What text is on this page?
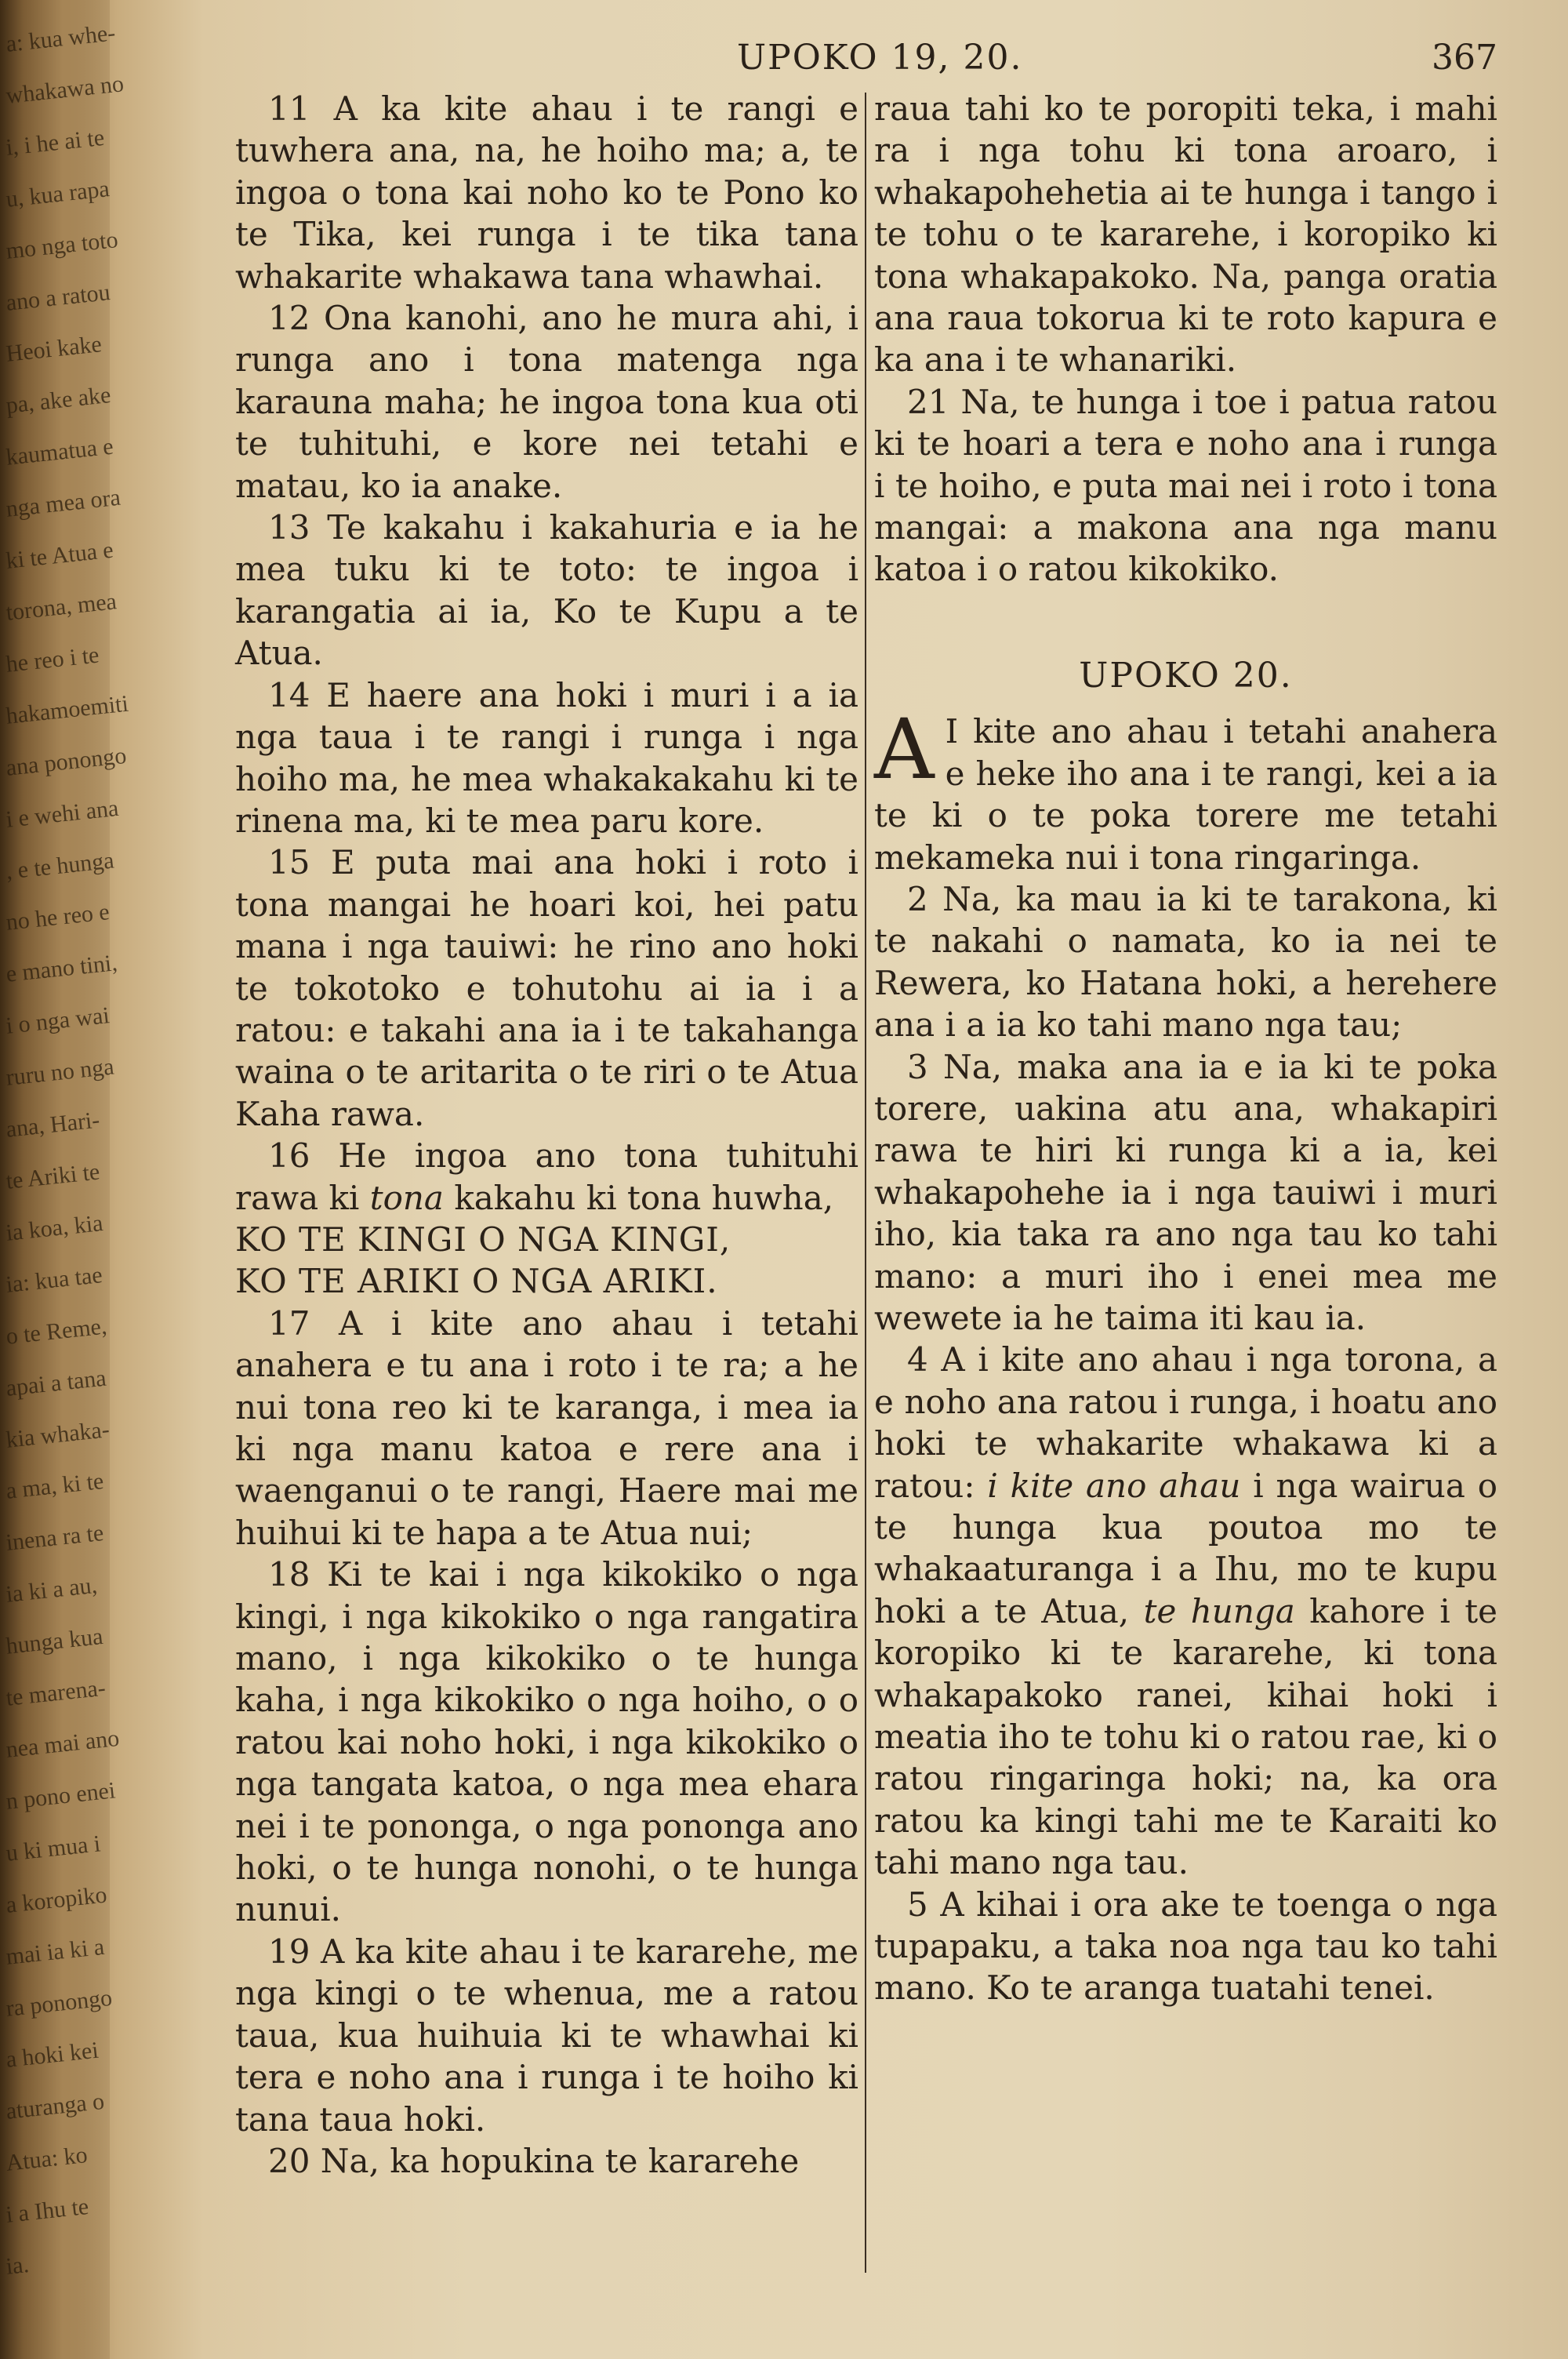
a: kua whe-
whakawa no
i, i he ai te
u, kua rapa
mo nga toto
ano a ratou
Heoi kake
pa, ake ake
kaumatua e
nga mea ora
ki te Atua e
torona, mea
he reo i te
hakamoemiti
ana ponongo
i e wehi ana
, e te hunga
no he reo e
e mano tini,
i o nga wai
ruru no nga
ana, Hari-
te Ariki te
ia koa, kia
ia: kua tae
o te Reme,
apai a tana
kia whaka-
a ma, ki te
inena ra te
ia ki a au,
hunga kua
te marena-
nea mai ano
n pono enei
u ki mua i
a koropiko
mai ia ki a
ra ponongo
a hoki kei
aturanga o
Atua: ko
i a Ihu te
ia.
UPOKO 19, 20.	367

11 A ka kite ahau i te rangi e tuwhera ana, na, he hoiho ma; a, te ingoa o tona kai noho ko te Pono ko te Tika, kei runga i te tika tana whakarite whakawa tana whawhai.

12 Ona kanohi, ano he mura ahi, i runga ano i tona matenga nga karauna maha; he ingoa tona kua oti te tuhituhi, e kore nei tetahi e matau, ko ia anake.

13 Te kakahu i kakahuria e ia he mea tuku ki te toto: te ingoa i karangatia ai ia, Ko te Kupu a te Atua.

14 E haere ana hoki i muri i a ia nga taua i te rangi i runga i nga hoiho ma, he mea whakakakahu ki te rinena ma, ki te mea paru kore.

15 E puta mai ana hoki i roto i tona mangai he hoari koi, hei patu mana i nga tauiwi: he rino ano hoki te tokotoko e tohutohu ai ia i a ratou: e takahi ana ia i te takahanga waina o te aritarita o te riri o te Atua Kaha rawa.

16 He ingoa ano tona tuhituhi rawa ki tona kakahu ki tona huwha,
KO TE KINGI O NGA KINGI,
KO TE ARIKI O NGA ARIKI.

17 A i kite ano ahau i tetahi anahera e tu ana i roto i te ra; a he nui tona reo ki te karanga, i mea ia ki nga manu katoa e rere ana i waenganui o te rangi, Haere mai me huihui ki te hapa a te Atua nui;

18 Ki te kai i nga kikokiko o nga kingi, i nga kikokiko o nga rangatira mano, i nga kikokiko o te hunga kaha, i nga kikokiko o nga hoiho, o o ratou kai noho hoki, i nga kikokiko o nga tangata katoa, o nga mea ehara nei i te pononga, o nga pononga ano hoki, o te hunga nonohi, o te hunga nunui.

19 A ka kite ahau i te kararehe, me nga kingi o te whenua, me a ratou taua, kua huihuia ki te whawhai ki tera e noho ana i runga i te hoiho ki tana taua hoki.

20 Na, ka hopukina te kararehe

raua tahi ko te poropiti teka, i mahi ra i nga tohu ki tona aroaro, i whakapohehetia ai te hunga i tango i te tohu o te kararehe, i koropiko ki tona whakapakoko. Na, panga oratia ana raua tokorua ki te roto kapura e ka ana i te whanariki.

21 Na, te hunga i toe i patua ratou ki te hoari a tera e noho ana i runga i te hoiho, e puta mai nei i roto i tona mangai: a makona ana nga manu katoa i o ratou kikokiko.

UPOKO 20.

A I kite ano ahau i tetahi anahera e heke iho ana i te rangi, kei a ia te ki o te poka torere me tetahi mekameka nui i tona ringaringa.

2 Na, ka mau ia ki te tarakona, ki te nakahi o namata, ko ia nei te Rewera, ko Hatana hoki, a herehere ana i a ia ko tahi mano nga tau;

3 Na, maka ana ia e ia ki te poka torere, uakina atu ana, whakapiri rawa te hiri ki runga ki a ia, kei whakapohehe ia i nga tauiwi i muri iho, kia taka ra ano nga tau ko tahi mano: a muri iho i enei mea me wewete ia he taima iti kau ia.

4 A i kite ano ahau i nga torona, a e noho ana ratou i runga, i hoatu ano hoki te whakarite whakawa ki a ratou: i kite ano ahau i nga wairua o te hunga kua poutoa mo te whakaaturanga i a Ihu, mo te kupu hoki a te Atua, te hunga kahore i te koropiko ki te kararehe, ki tona whakapakoko ranei, kihai hoki i meatia iho te tohu ki o ratou rae, ki o ratou ringaringa hoki; na, ka ora ratou ka kingi tahi me te Karaiti ko tahi mano nga tau.

5 A kihai i ora ake te toenga o nga tupapaku, a taka noa nga tau ko tahi mano. Ko te aranga tuatahi tenei.
